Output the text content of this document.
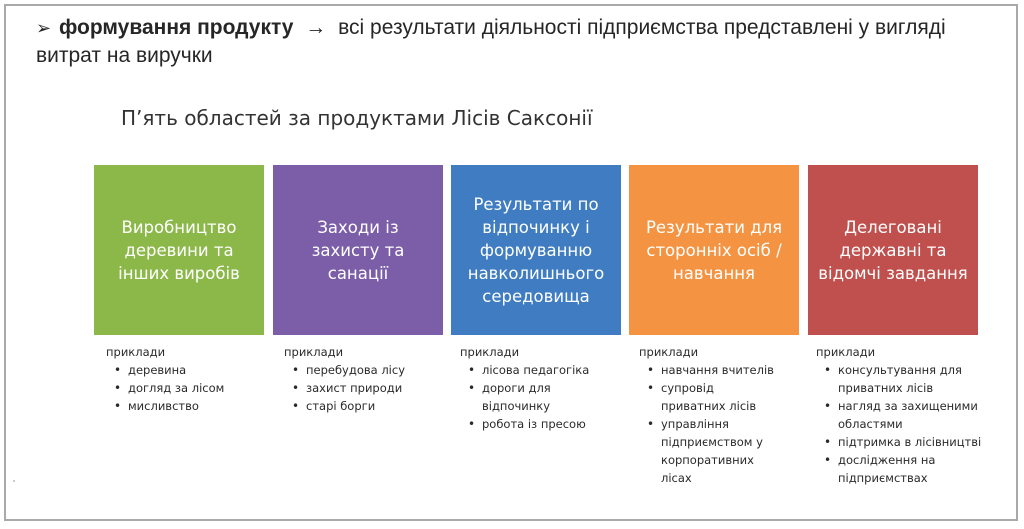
➢ формування продукту → всі результати діяльності підприємства представлені у вигляді витрат на виручки
П’ять областей за продуктами Лісів Саксонії
Виробництво деревини та інших виробів
Заходи із захисту та санації
Результати по відпочинку і формуванню навколишнього середовища
Результати для сторонніх осіб / навчання
Делеговані державні та відомчі завдання
приклади
• деревина
• догляд за лісом
• мисливство
приклади
• перебудова лісу
• захист природи
• старі борги
приклади
• лісова педагогіка
• дороги для відпочинку
• робота із пресою
приклади
• навчання вчителів
• супровід приватних лісів
• управління підприємством у корпоративних лісах
приклади
• консультування для приватних лісів
• нагляд за захищеними областями
• підтримка в лісівництві
• дослідження на підприємствах
